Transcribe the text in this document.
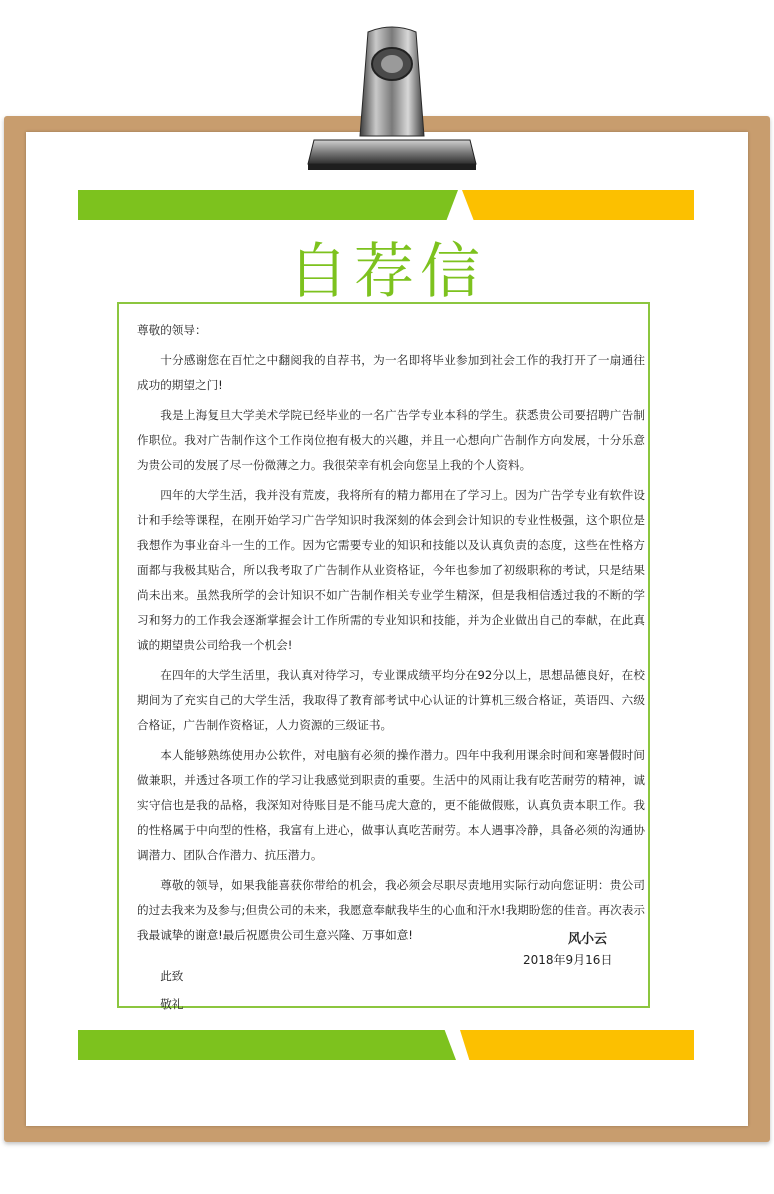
自荐信

尊敬的领导：

十分感谢您在百忙之中翻阅我的自荐书，为一名即将毕业参加到社会工作的我打开了一扇通往成功的期望之门!

我是上海复旦大学美术学院已经毕业的一名广告学专业本科的学生。获悉贵公司要招聘广告制作职位。我对广告制作这个工作岗位抱有极大的兴趣，并且一心想向广告制作方向发展，十分乐意为贵公司的发展了尽一份微薄之力。我很荣幸有机会向您呈上我的个人资料。

四年的大学生活，我并没有荒废，我将所有的精力都用在了学习上。因为广告学专业有软件设计和手绘等课程，在刚开始学习广告学知识时我深刻的体会到会计知识的专业性极强，这个职位是我想作为事业奋斗一生的工作。因为它需要专业的知识和技能以及认真负责的态度，这些在性格方面都与我极其贴合，所以我考取了广告制作从业资格证，今年也参加了初级职称的考试，只是结果尚未出来。虽然我所学的会计知识不如广告制作相关专业学生精深，但是我相信透过我的不断的学习和努力的工作我会逐渐掌握会计工作所需的专业知识和技能，并为企业做出自己的奉献，在此真诚的期望贵公司给我一个机会!

在四年的大学生活里，我认真对待学习，专业课成绩平均分在92分以上，思想品德良好，在校期间为了充实自己的大学生活，我取得了教育部考试中心认证的计算机三级合格证，英语四、六级合格证，广告制作资格证，人力资源的三级证书。

本人能够熟练使用办公软件，对电脑有必须的操作潜力。四年中我利用课余时间和寒暑假时间做兼职，并透过各项工作的学习让我感觉到职责的重要。生活中的风雨让我有吃苦耐劳的精神，诚实守信也是我的品格，我深知对待账目是不能马虎大意的，更不能做假账，认真负责本职工作。我的性格属于中向型的性格，我富有上进心，做事认真吃苦耐劳。本人遇事冷静，具备必须的沟通协调潜力、团队合作潜力、抗压潜力。

尊敬的领导，如果我能喜获你带给的机会，我必须会尽职尽责地用实际行动向您证明：贵公司的过去我来为及参与;但贵公司的未来，我愿意奉献我毕生的心血和汗水!我期盼您的佳音。再次表示我最诚挚的谢意!最后祝愿贵公司生意兴隆、万事如意!

此致

敬礼

风小云
2018年9月16日
